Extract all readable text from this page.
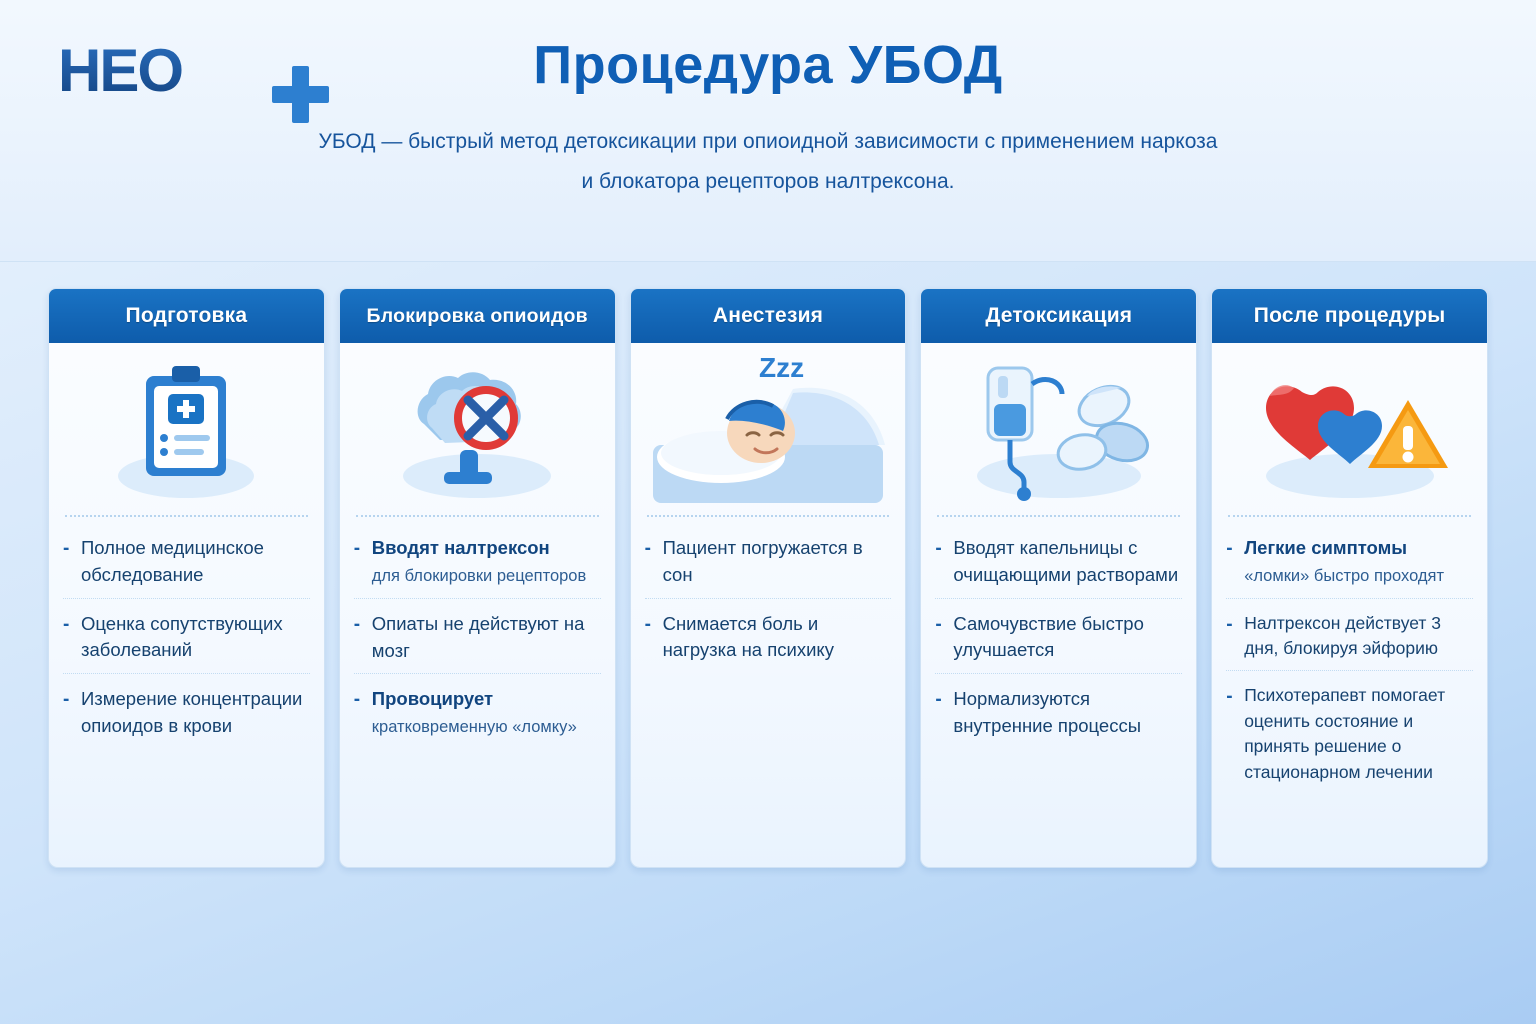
HEO	Процедура УБОД
УБОД — быстрый метод детоксикации при опиоидной зависимости с применением наркоза
и блокатора рецепторов налтрексона.
Подготовка
- Полное медицинское обследование
- Оценка сопутствующих заболеваний
- Измерение концентрации опиоидов в крови
Блокировка опиоидов
- Вводят налтрексон
для блокировки рецепторов
- Опиаты не действуют на мозг
- Провоцирует
кратковременную «ломку»
Анестезия
Zzz
- Пациент погружается в сон
- Снимается боль и нагрузка на психику
Детоксикация
- Вводят капельницы с очищающими растворами
- Самочувствие быстро улучшается
- Нормализуются внутренние процессы
После процедуры
- Легкие симптомы
«ломки» быстро проходят
- Налтрексон действует 3 дня, блокируя эйфорию
- Психотерапевт помогает оценить состояние и принять решение о стационарном лечении
